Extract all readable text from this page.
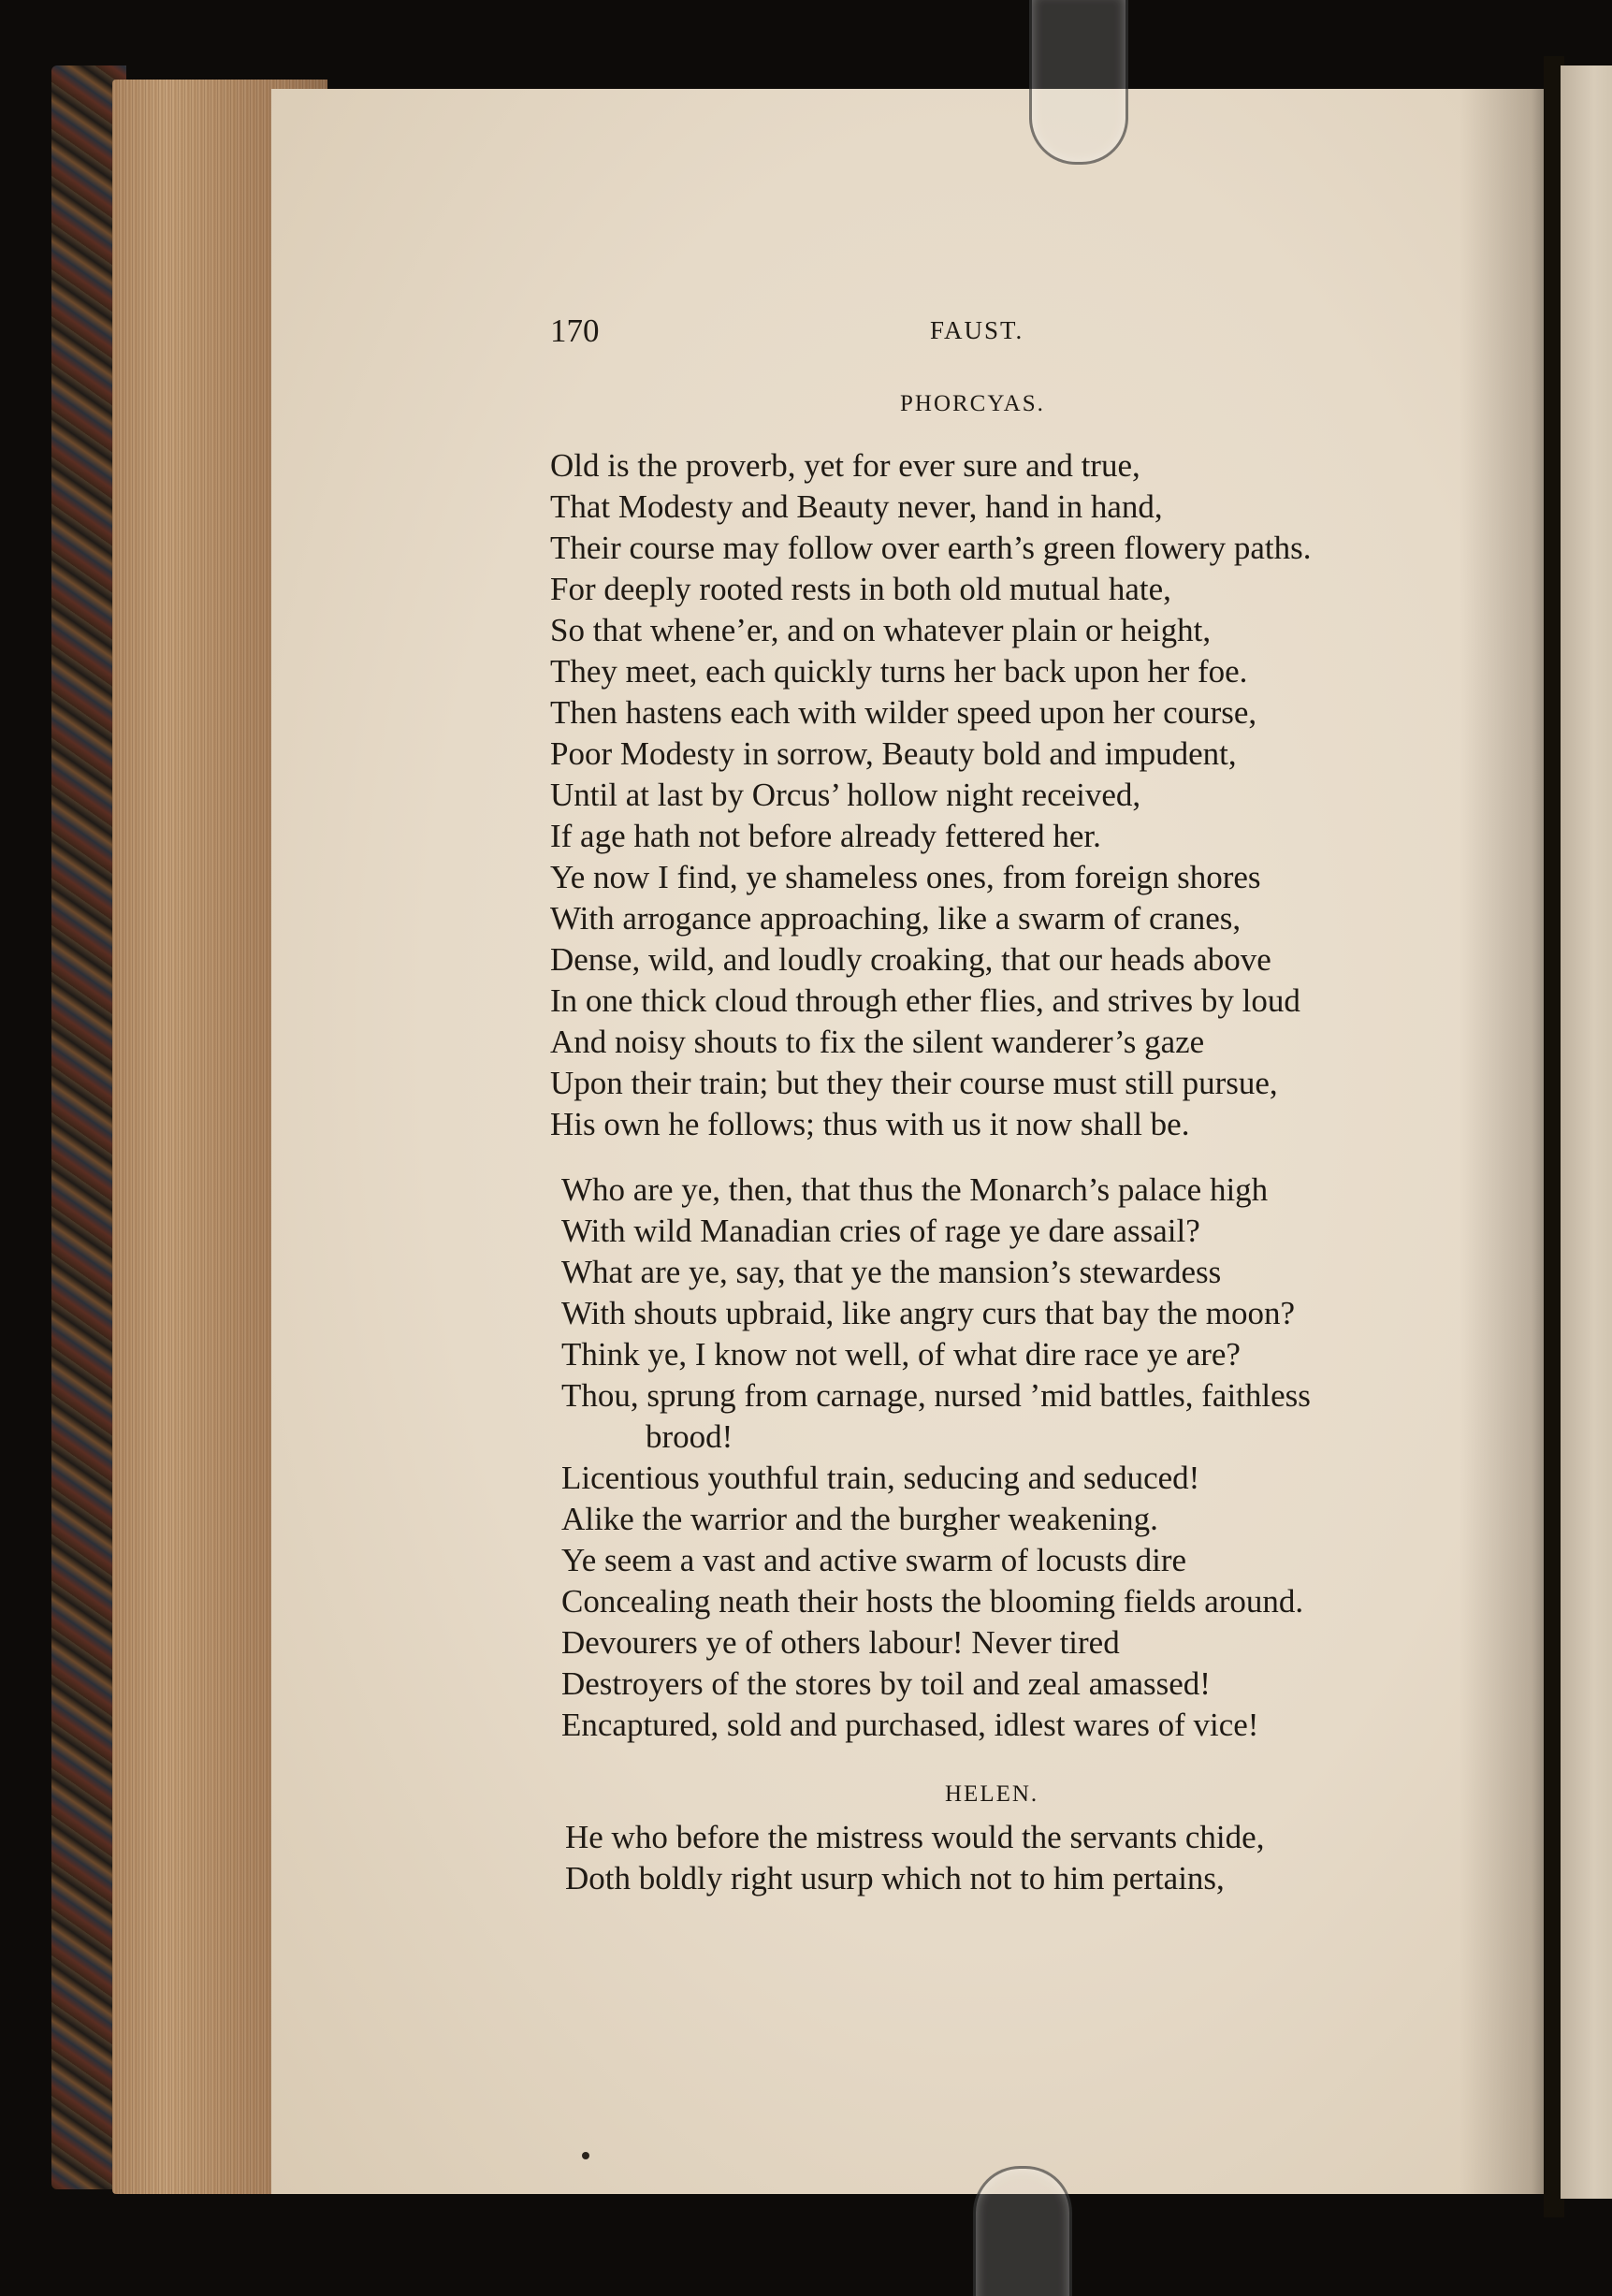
170	FAUST.
PHORCYAS.
Old is the proverb, yet for ever sure and true,
That Modesty and Beauty never, hand in hand,
Their course may follow over earth’s green flowery paths.
For deeply rooted rests in both old mutual hate,
So that whene’er, and on whatever plain or height,
They meet, each quickly turns her back upon her foe.
Then hastens each with wilder speed upon her course,
Poor Modesty in sorrow, Beauty bold and impudent,
Until at last by Orcus’ hollow night received,
If age hath not before already fettered her.
Ye now I find, ye shameless ones, from foreign shores
With arrogance approaching, like a swarm of cranes,
Dense, wild, and loudly croaking, that our heads above
In one thick cloud through ether flies, and strives by loud
And noisy shouts to fix the silent wanderer’s gaze
Upon their train; but they their course must still pursue,
His own he follows; thus with us it now shall be.
Who are ye, then, that thus the Monarch’s palace high
With wild Manadian cries of rage ye dare assail?
What are ye, say, that ye the mansion’s stewardess
With shouts upbraid, like angry curs that bay the moon?
Think ye, I know not well, of what dire race ye are?
Thou, sprung from carnage, nursed ’mid battles, faithless
brood!
Licentious youthful train, seducing and seduced!
Alike the warrior and the burgher weakening.
Ye seem a vast and active swarm of locusts dire
Concealing neath their hosts the blooming fields around.
Devourers ye of others labour! Never tired
Destroyers of the stores by toil and zeal amassed!
Encaptured, sold and purchased, idlest wares of vice!
HELEN.
He who before the mistress would the servants chide,
Doth boldly right usurp which not to him pertains,
